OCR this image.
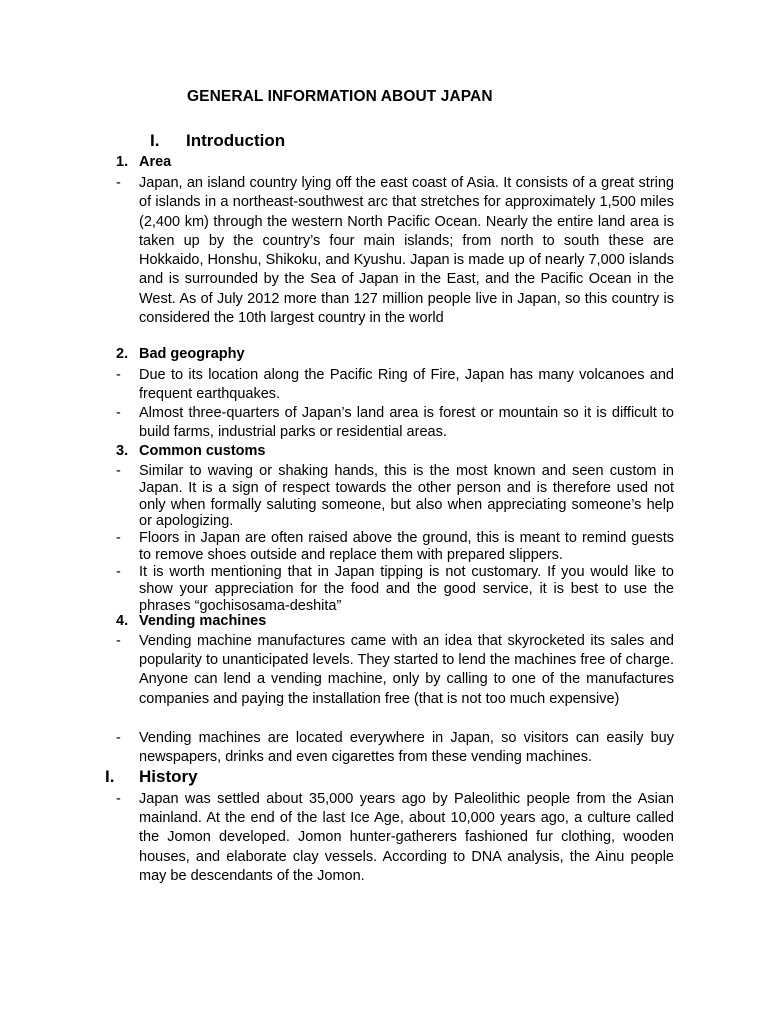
GENERAL INFORMATION ABOUT JAPAN
I. Introduction
1. Area
- Japan, an island country lying off the east coast of Asia. It consists of a great string of islands in a northeast-southwest arc that stretches for approximately 1,500 miles (2,400 km) through the western North Pacific Ocean. Nearly the entire land area is taken up by the country’s four main islands; from north to south these are Hokkaido, Honshu, Shikoku, and Kyushu. Japan is made up of nearly 7,000 islands and is surrounded by the Sea of Japan in the East, and the Pacific Ocean in the West. As of July 2012 more than 127 million people live in Japan, so this country is considered the 10th largest country in the world
2. Bad geography
- Due to its location along the Pacific Ring of Fire, Japan has many volcanoes and frequent earthquakes.
- Almost three-quarters of Japan’s land area is forest or mountain so it is difficult to build farms, industrial parks or residential areas.
3. Common customs
- Similar to waving or shaking hands, this is the most known and seen custom in Japan. It is a sign of respect towards the other person and is therefore used not only when formally saluting someone, but also when appreciating someone’s help or apologizing.
- Floors in Japan are often raised above the ground, this is meant to remind guests to remove shoes outside and replace them with prepared slippers.
- It is worth mentioning that in Japan tipping is not customary. If you would like to show your appreciation for the food and the good service, it is best to use the phrases “gochisosama-deshita”
4. Vending machines
- Vending machine manufactures came with an idea that skyrocketed its sales and popularity to unanticipated levels. They started to lend the machines free of charge. Anyone can lend a vending machine, only by calling to one of the manufactures companies and paying the installation free (that is not too much expensive)
- Vending machines are located everywhere in Japan, so visitors can easily buy newspapers, drinks and even cigarettes from these vending machines.
I. History
- Japan was settled about 35,000 years ago by Paleolithic people from the Asian mainland. At the end of the last Ice Age, about 10,000 years ago, a culture called the Jomon developed. Jomon hunter-gatherers fashioned fur clothing, wooden houses, and elaborate clay vessels. According to DNA analysis, the Ainu people may be descendants of the Jomon.
